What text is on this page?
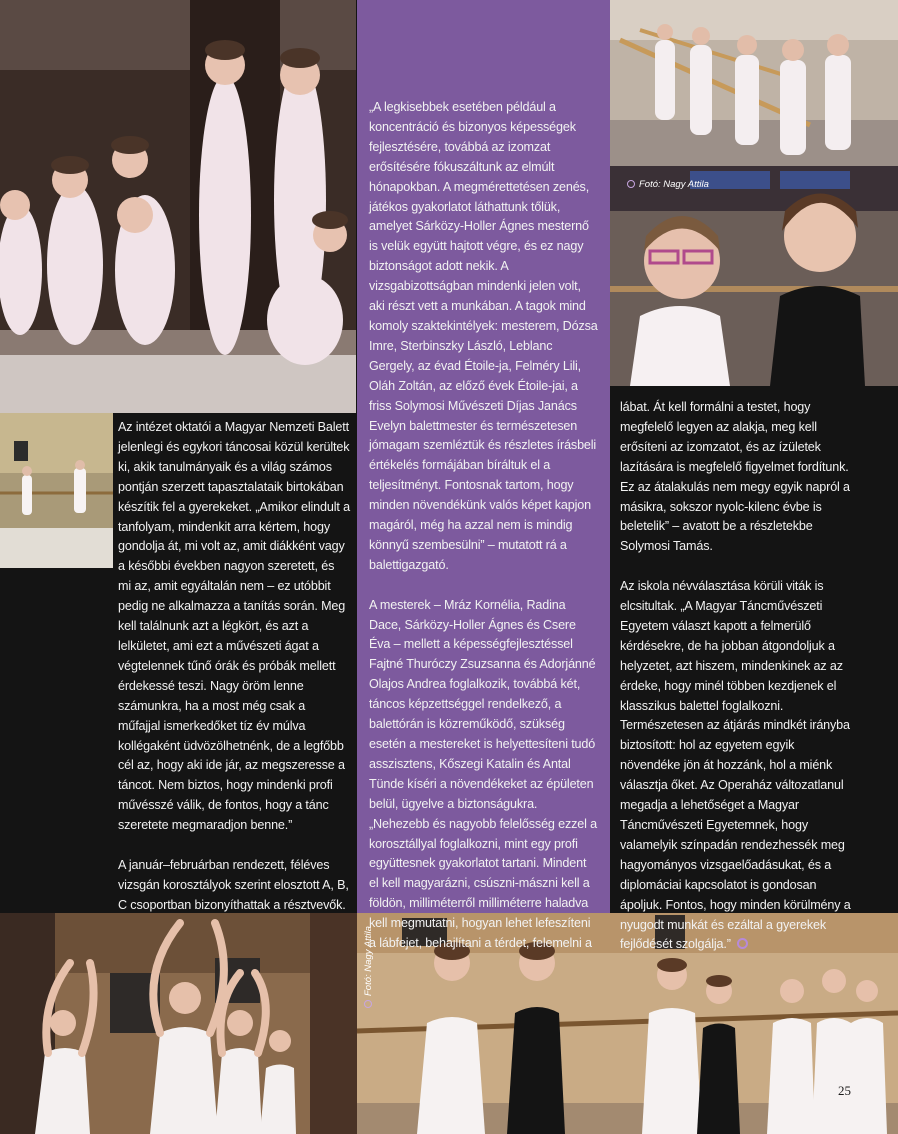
Fotó: Nagy Attila
Fotó: Nagy Attila

Az intézet oktatói a Magyar Nemzeti Balett jelenlegi és egykori táncosai közül kerültek ki, akik tanulmányaik és a világ számos pontján szerzett tapasztalataik birtokában készítik fel a gyerekeket. „Amikor elindult a tanfolyam, mindenkit arra kértem, hogy gondolja át, mi volt az, amit diákként vagy a későbbi években nagyon szeretett, és mi az, amit egyáltalán nem – ez utóbbit pedig ne alkalmazza a tanítás során. Meg kell találnunk azt a légkört, és azt a lelkületet, ami ezt a művészeti ágat a végtelennek tűnő órák és próbák mellett érdekessé teszi. Nagy öröm lenne számunkra, ha a most még csak a műfajjal ismerkedőket tíz év múlva kollégaként üdvözölhetnénk, de a legfőbb cél az, hogy aki ide jár, az megszeresse a táncot. Nem biztos, hogy mindenki profi művésszé válik, de fontos, hogy a tánc szeretete megmaradjon benne.”

A január–februárban rendezett, féléves vizsgán korosztályok szerint elosztott A, B, C csoportban bizonyíthattak a résztvevők.

„A legkisebbek esetében például a koncentráció és bizonyos képességek fejlesztésére, továbbá az izomzat erősítésére fókuszáltunk az elmúlt hónapokban. A megmérettetésen zenés, játékos gyakorlatot láthattunk tőlük, amelyet Sárközy-Holler Ágnes mesternő is velük együtt hajtott végre, és ez nagy biztonságot adott nekik. A vizsgabizottságban mindenki jelen volt, aki részt vett a munkában. A tagok mind komoly szaktekintélyek: mesterem, Dózsa Imre, Sterbinszky László, Leblanc Gergely, az évad Étoile-ja, Felméry Lili, Oláh Zoltán, az előző évek Étoile-jai, a friss Solymosi Művészeti Díjas Janács Evelyn balettmester és természetesen jómagam szemléztük és részletes írásbeli értékelés formájában bíráltuk el a teljesítményt. Fontosnak tartom, hogy minden növendékünk valós képet kapjon magáról, még ha azzal nem is mindig könnyű szembesülni” – mutatott rá a balettigazgató.

A mesterek – Mráz Kornélia, Radina Dace, Sárközy-Holler Ágnes és Csere Éva – mellett a képességfejlesztéssel Fajtné Thuróczy Zsuzsanna és Adorjánné Olajos Andrea foglalkozik, továbbá két, táncos képzettséggel rendelkező, a balettórán is közreműködő, szükség esetén a mestereket is helyettesíteni tudó asszisztens, Kőszegi Katalin és Antal Tünde kíséri a növendékeket az épületen belül, ügyelve a biztonságukra. „Nehezebb és nagyobb felelősség ezzel a korosztállyal foglalkozni, mint egy profi együttesnek gyakorlatot tartani. Mindent el kell magyarázni, csúszni-mászni kell a földön, milliméterről milliméterre haladva kell megmutatni, hogyan lehet lefeszíteni a lábfejet, behajlítani a térdet, felemelni a

lábat. Át kell formálni a testet, hogy megfelelő legyen az alakja, meg kell erősíteni az izomzatot, és az ízületek lazítására is megfelelő figyelmet fordítunk. Ez az átalakulás nem megy egyik napról a másikra, sokszor nyolc-kilenc évbe is beletelik” – avatott be a részletekbe Solymosi Tamás.

Az iskola névválasztása körüli viták is elcsitultak. „A Magyar Táncművészeti Egyetem választ kapott a felmerülő kérdésekre, de ha jobban átgondoljuk a helyzetet, azt hiszem, mindenkinek az az érdeke, hogy minél többen kezdjenek el klasszikus balettel foglalkozni. Természetesen az átjárás mindkét irányba biztosított: hol az egyetem egyik növendéke jön át hozzánk, hol a miénk választja őket. Az Operaház változatlanul megadja a lehetőséget a Magyar Táncművészeti Egyetemnek, hogy valamelyik színpadán rendezhessék meg hagyományos vizsgaelőadásukat, és a diplomáciai kapcsolatot is gondosan ápoljuk. Fontos, hogy minden körülmény a nyugodt munkát és ezáltal a gyerekek fejlődését szolgálja.”

25
